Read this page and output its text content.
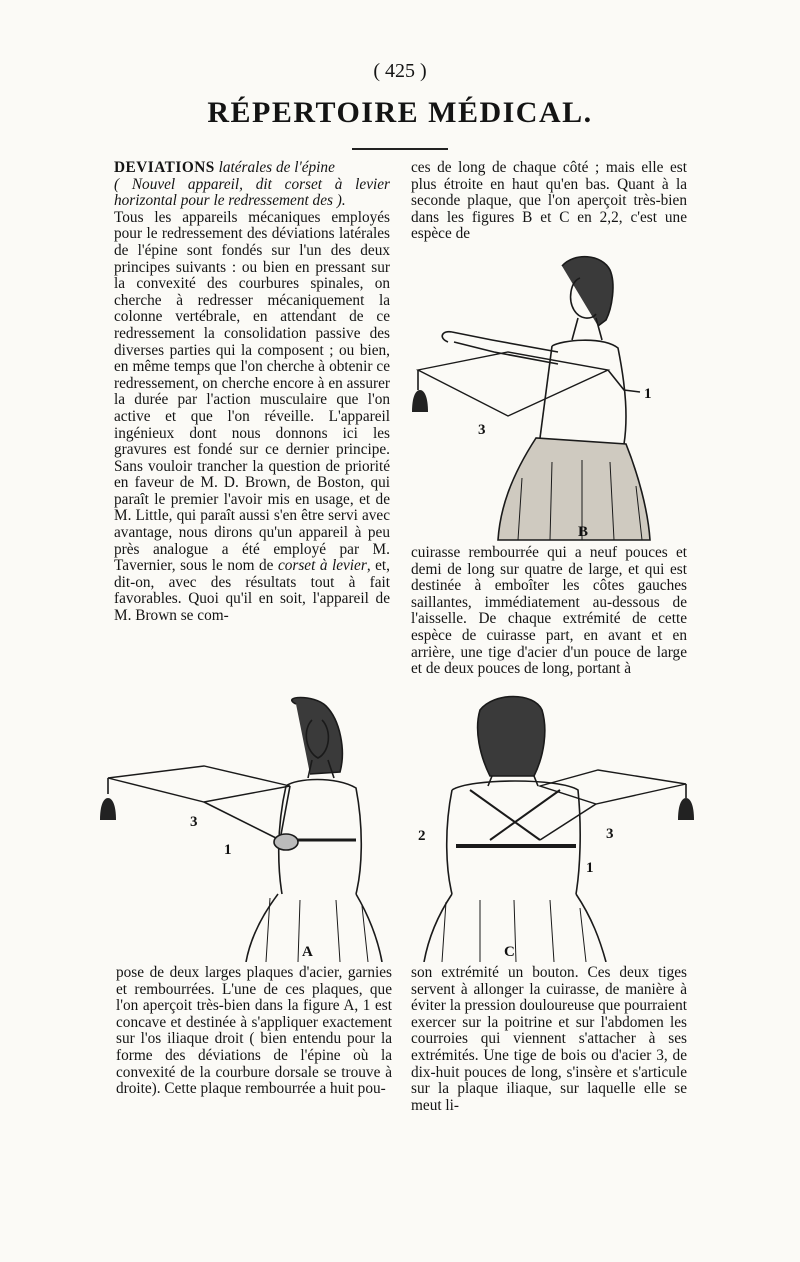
( 425 )
RÉPERTOIRE MÉDICAL.

DEVIATIONS latérales de l'épine

( Nouvel appareil, dit corset à levier horizontal pour le redressement des ).

Tous les appareils mécaniques employés pour le redressement des déviations latérales de l'épine sont fondés sur l'un des deux principes suivants : ou bien en pressant sur la convexité des courbures spinales, on cherche à redresser mécaniquement la colonne vertébrale, en attendant de ce redressement la consolidation passive des diverses parties qui la composent ; ou bien, en même temps que l'on cherche à obtenir ce redressement, on cherche encore à en assurer la durée par l'action musculaire que l'on active et que l'on réveille. L'appareil ingénieux dont nous donnons ici les gravures est fondé sur ce dernier principe. Sans vouloir trancher la question de priorité en faveur de M. D. Brown, de Boston, qui paraît le premier l'avoir mis en usage, et de M. Little, qui paraît aussi s'en être servi avec avantage, nous dirons qu'un appareil à peu près analogue a été employé par M. Tavernier, sous le nom de corset à levier, et, dit-on, avec des résultats tout à fait favorables. Quoi qu'il en soit, l'appareil de M. Brown se com-

ces de long de chaque côté ; mais elle est plus étroite en haut qu'en bas. Quant à la seconde plaque, que l'on aperçoit très-bien dans les figures B et C en 2,2, c'est une espèce de

3
1
B

cuirasse rembourrée qui a neuf pouces et demi de long sur quatre de large, et qui est destinée à emboîter les côtes gauches saillantes, immédiatement au-dessous de l'aisselle. De chaque extrémité de cette espèce de cuirasse part, en avant et en arrière, une tige d'acier d'un pouce de large et de deux pouces de long, portant à

3
1
A
2	3
1
C

pose de deux larges plaques d'acier, garnies et rembourrées. L'une de ces plaques, que l'on aperçoit très-bien dans la figure A, 1 est concave et destinée à s'appliquer exactement sur l'os iliaque droit ( bien entendu pour la forme des déviations de l'épine où la convexité de la courbure dorsale se trouve à droite). Cette plaque rembourrée a huit pou-

son extrémité un bouton. Ces deux tiges servent à allonger la cuirasse, de manière à éviter la pression douloureuse que pourraient exercer sur la poitrine et sur l'abdomen les courroies qui viennent s'attacher à ses extrémités. Une tige de bois ou d'acier 3, de dix-huit pouces de long, s'insère et s'articule sur la plaque iliaque, sur laquelle elle se meut li-
